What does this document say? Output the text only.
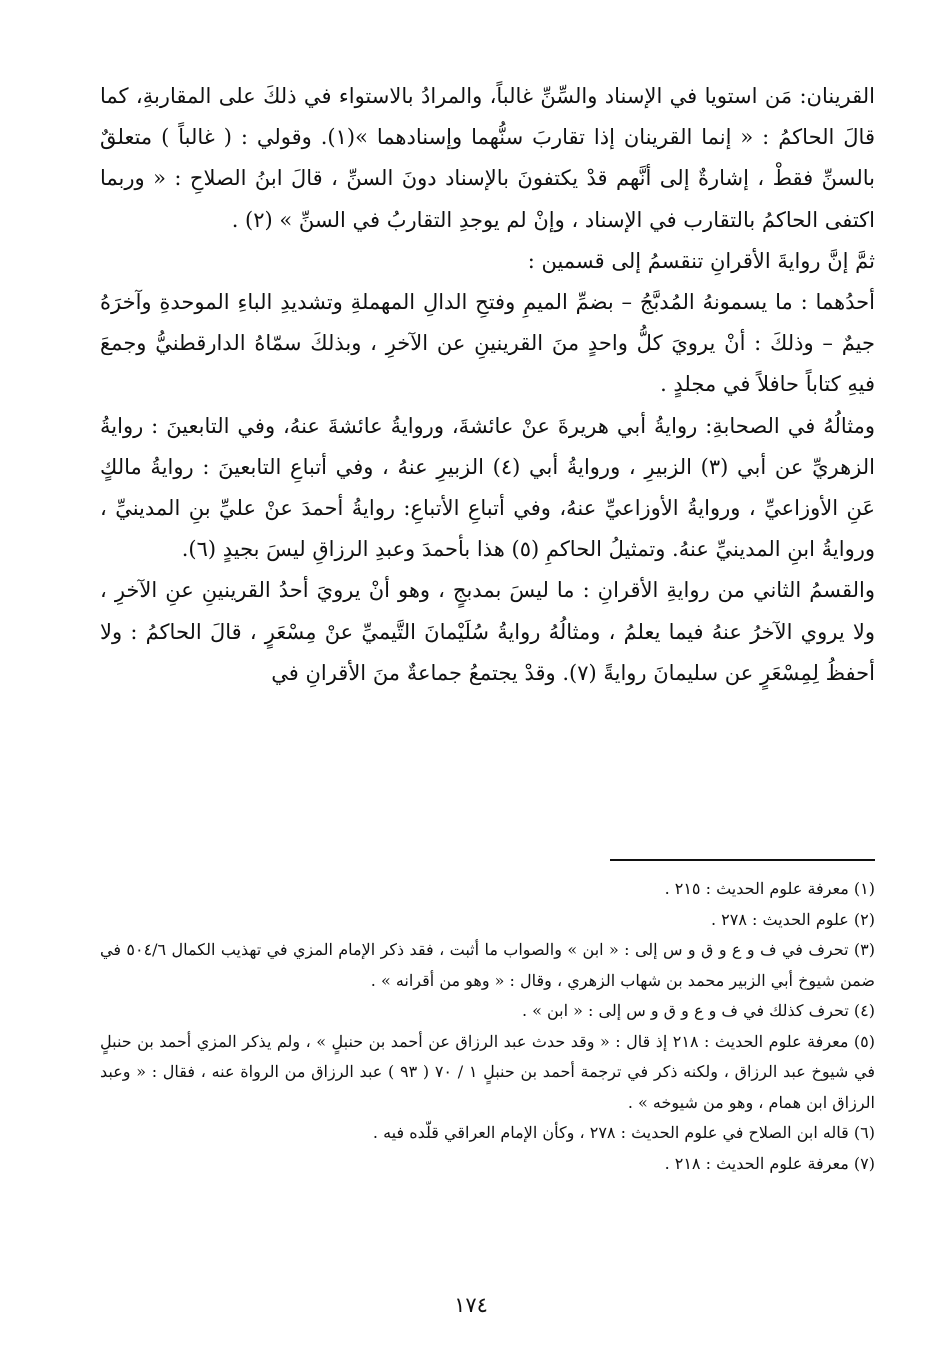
القرينان: مَن استويا في الإسناد والسِّنِّ غالباً، والمرادُ بالاستواء في ذلكَ على المقاربةِ، كما قالَ الحاكمُ : « إنما القرينان إذا تقاربَ سنُّهما وإسنادهما »(١). وقولي : ( غالباً ) متعلقٌ بالسنِّ فقطْ ، إشارةٌ إلى أنَّهم قدْ يكتفونَ بالإسناد دونَ السنِّ ، قالَ ابنُ الصلاحِ : « وربما اكتفى الحاكمُ بالتقارب في الإسناد ، وإنْ لم يوجدِ التقاربُ في السنِّ » (٢) .

ثمَّ إنَّ روايةَ الأقرانِ تنقسمُ إلى قسمين :

أحدُهما : ما يسمونهُ المُدبَّجُ – بضمِّ الميمِ وفتحِ الدالِ المهملةِ وتشديدِ الباءِ الموحدةِ وآخرَهُ جيمٌ – وذلكَ : أنْ يرويَ كلُّ واحدٍ منَ القرينينِ عن الآخرِ ، وبذلكَ سمّاهُ الدارقطنيُّ وجمعَ فيهِ كتاباً حافلاً في مجلدٍ .

ومثالُهُ في الصحابةِ: روايةُ أبي هريرةَ عنْ عائشةَ، وروايةُ عائشةَ عنهُ، وفي التابعينَ : روايةُ الزهريِّ عن أبي (٣) الزبيرِ ، وروايةُ أبي (٤) الزبيرِ عنهُ ، وفي أتباعِ التابعينَ : روايةُ مالكٍ عَنِ الأوزاعيِّ ، وروايةُ الأوزاعيِّ عنهُ، وفي أتباعِ الأتباعِ: روايةُ أحمدَ عنْ عليِّ بنِ المدينيِّ ، وروايةُ ابنِ المدينيِّ عنهُ. وتمثيلُ الحاكمِ (٥) هذا بأحمدَ وعبدِ الرزاقِ ليسَ بجيدٍ (٦).

والقسمُ الثاني من روايةِ الأقرانِ : ما ليسَ بمدبجٍ ، وهو أنْ يرويَ أحدُ القرينينِ عنِ الآخرِ ، ولا يروي الآخرُ عنهُ فيما يعلمُ ، ومثالُهُ روايةُ سُلَيْمانَ التَّيميِّ عنْ مِسْعَرٍ ، قالَ الحاكمُ : ولا أحفظُ لِمِسْعَرٍ عن سليمانَ روايةً (٧). وقدْ يجتمعُ جماعةٌ منَ الأقرانِ في

(١) معرفة علوم الحديث : ٢١٥ .

(٢) علوم الحديث : ٢٧٨ .

(٣) تحرف في ف و ع و ق و س إلى : « ابن » والصواب ما أثبت ، فقد ذكر الإمام المزي في تهذيب الكمال ٥٠٤/٦ في ضمن شيوخ أبي الزبير محمد بن شهاب الزهري ، وقال : « وهو من أقرانه » .

(٤) تحرف كذلك في ف و ع و ق و س إلى : « ابن » .

(٥) معرفة علوم الحديث : ٢١٨ إذ قال : « وقد حدث عبد الرزاق عن أحمد بن حنبلٍ » ، ولم يذكر المزي أحمد بن حنبلٍ في شيوخ عبد الرزاق ، ولكنه ذكر في ترجمة أحمد بن حنبلٍ ١ / ٧٠ ( ٩٣ ) عبد الرزاق من الرواة عنه ، فقال : « وعبد الرزاق ابن همام ، وهو من شيوخه » .

(٦) قاله ابن الصلاح في علوم الحديث : ٢٧٨ ، وكأن الإمام العراقي قلّده فيه .

(٧) معرفة علوم الحديث : ٢١٨ .

١٧٤
